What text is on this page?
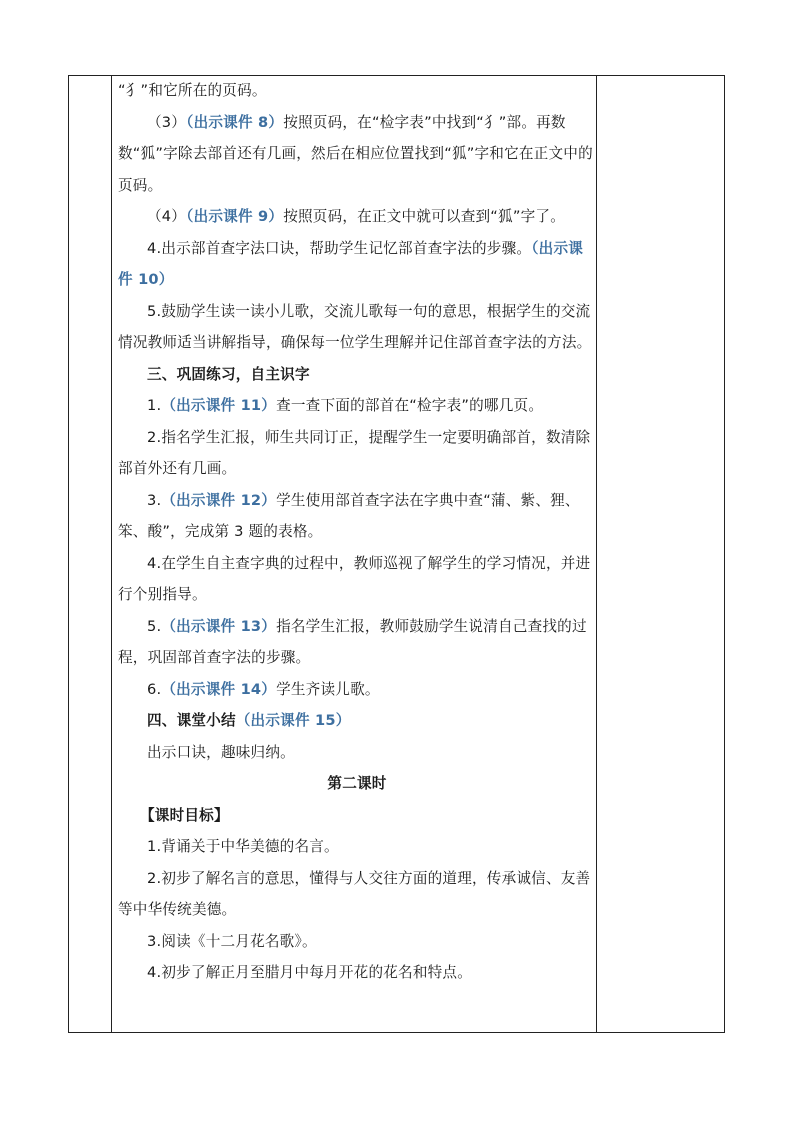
“犭”和它所在的页码。

（3）（出示课件 8）按照页码，在“检字表”中找到“犭”部。再数数“狐”字除去部首还有几画，然后在相应位置找到“狐”字和它在正文中的页码。

（4）（出示课件 9）按照页码，在正文中就可以查到“狐”字了。

4.出示部首查字法口诀，帮助学生记忆部首查字法的步骤。（出示课件 10）

5.鼓励学生读一读小儿歌，交流儿歌每一句的意思，根据学生的交流情况教师适当讲解指导，确保每一位学生理解并记住部首查字法的方法。

三、巩固练习，自主识字

1.（出示课件 11）查一查下面的部首在“检字表”的哪几页。

2.指名学生汇报，师生共同订正，提醒学生一定要明确部首，数清除部首外还有几画。

3.（出示课件 12）学生使用部首查字法在字典中查“蒲、紫、狸、笨、酸”，完成第 3 题的表格。

4.在学生自主查字典的过程中，教师巡视了解学生的学习情况，并进行个别指导。

5.（出示课件 13）指名学生汇报，教师鼓励学生说清自己查找的过程，巩固部首查字法的步骤。

6.（出示课件 14）学生齐读儿歌。

四、课堂小结（出示课件 15）

出示口诀，趣味归纳。

第二课时

【课时目标】

1.背诵关于中华美德的名言。

2.初步了解名言的意思，懂得与人交往方面的道理，传承诚信、友善等中华传统美德。

3.阅读《十二月花名歌》。

4.初步了解正月至腊月中每月开花的花名和特点。
